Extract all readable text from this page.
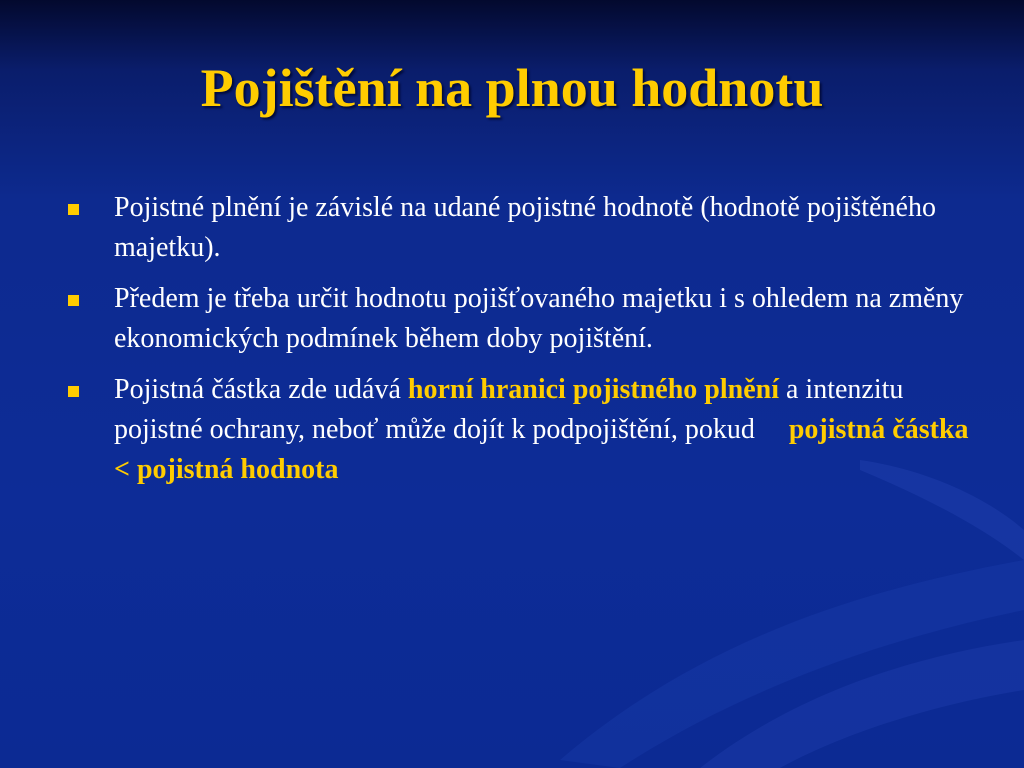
Pojištění na plnou hodnotu
Pojistné plnění je závislé na udané pojistné hodnotě (hodnotě pojištěného majetku).
Předem je třeba určit hodnotu pojišťovaného majetku i s ohledem na změny ekonomických podmínek během doby pojištění.
Pojistná částka zde udává horní hranici pojistného plnění a intenzitu pojistné ochrany, neboť může dojít k podpojištění, pokud pojistná částka < pojistná hodnota
